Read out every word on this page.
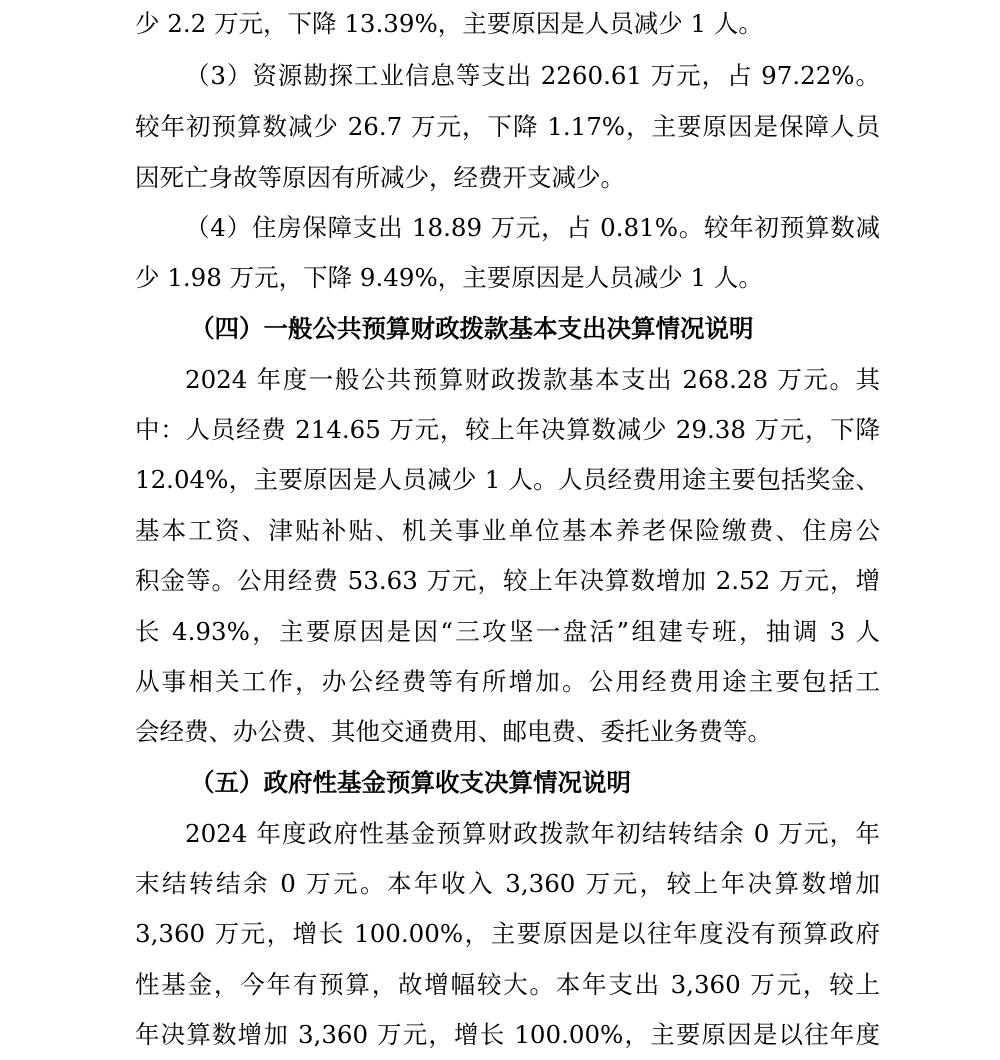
少 2.2 万元，下降 13.39%，主要原因是人员减少 1 人。
（3）资源勘探工业信息等支出 2260.61 万元，占 97.22%。
较年初预算数减少 26.7 万元，下降 1.17%，主要原因是保障人员
因死亡身故等原因有所减少，经费开支减少。
（4）住房保障支出 18.89 万元，占 0.81%。较年初预算数减
少 1.98 万元，下降 9.49%，主要原因是人员减少 1 人。
（四）一般公共预算财政拨款基本支出决算情况说明
2024 年度一般公共预算财政拨款基本支出 268.28 万元。其
中：人员经费 214.65 万元，较上年决算数减少 29.38 万元，下降
12.04%，主要原因是人员减少 1 人。人员经费用途主要包括奖金、
基本工资、津贴补贴、机关事业单位基本养老保险缴费、住房公
积金等。公用经费 53.63 万元，较上年决算数增加 2.52 万元，增
长 4.93%，主要原因是因“三攻坚一盘活”组建专班，抽调 3 人
从事相关工作，办公经费等有所增加。公用经费用途主要包括工
会经费、办公费、其他交通费用、邮电费、委托业务费等。
（五）政府性基金预算收支决算情况说明
2024 年度政府性基金预算财政拨款年初结转结余 0 万元，年
末结转结余 0 万元。本年收入 3,360 万元，较上年决算数增加
3,360 万元，增长 100.00%，主要原因是以往年度没有预算政府
性基金，今年有预算，故增幅较大。本年支出 3,360 万元，较上
年决算数增加 3,360 万元，增长 100.00%，主要原因是以往年度
